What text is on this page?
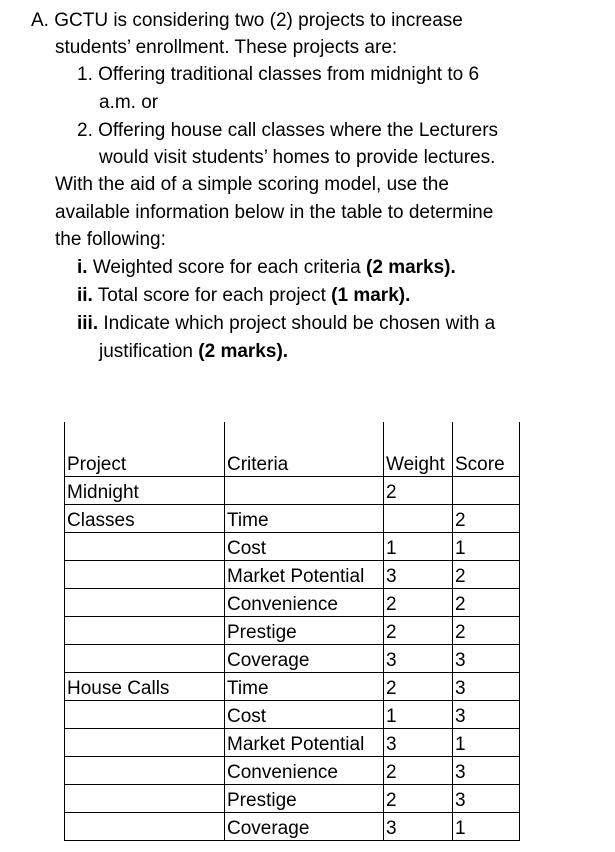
A. GCTU is considering two (2) projects to increase
students’ enrollment. These projects are:
1. Offering traditional classes from midnight to 6
a.m. or
2. Offering house call classes where the Lecturers
would visit students’ homes to provide lectures.
With the aid of a simple scoring model, use the
available information below in the table to determine
the following:
i. Weighted score for each criteria (2 marks).
ii. Total score for each project (1 mark).
iii. Indicate which project should be chosen with a
justification (2 marks).
Project	Criteria	Weight	Score
Midnight		2	
Classes	Time		2
	Cost	1	1
	Market Potential	3	2
	Convenience	2	2
	Prestige	2	2
	Coverage	3	3
House Calls	Time	2	3
	Cost	1	3
	Market Potential	3	1
	Convenience	2	3
	Prestige	2	3
	Coverage	3	1
